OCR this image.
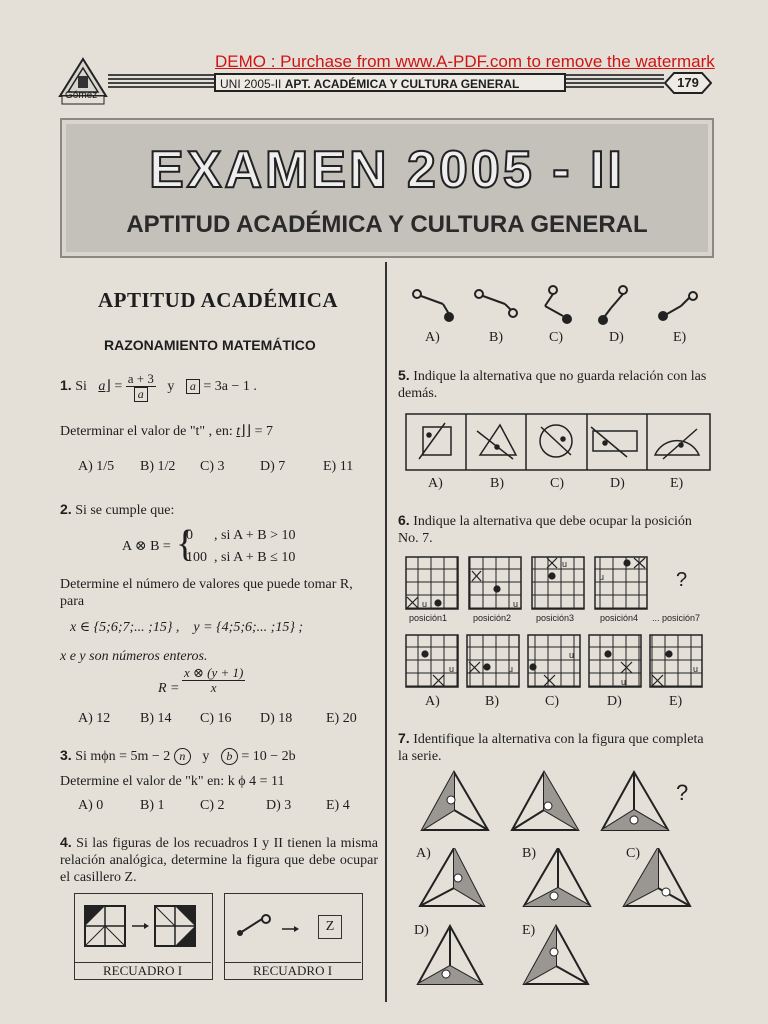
DEMO : Purchase from www.A-PDF.com to remove the watermark
Gómez
UNI 2005-II APT. ACADÉMICA Y CULTURA GENERAL	179
EXAMEN 2005 - II
APTITUD ACADÉMICA Y CULTURA GENERAL
APTITUD ACADÉMICA
RAZONAMIENTO MATEMÁTICO
1. Si a⌋ = $\frac{a + 3}{a}$ y a = 3a − 1 .
Determinar el valor de "t" , en: t⌋⌋ = 7
A) 1/5 B) 1/2 C) 3	D) 7	E) 11
2. Si se cumple que:
A ⊗ B = {
0      , si A + B > 10
100  , si A + B ≤ 10
Determine el número de valores que puede tomar R,
para
x ∈ {5;6;7;... ;15} ,    y = {4;5;6;... ;15} ;
x e y son números enteros.
$R = \frac{x \otimes (y + 1)}{x}$
A) 12 B) 14 C) 16 D) 18 E) 20
3. Si mϕn = 5m − 2 n y b = 10 − 2b
Determine el valor de "k" en: k ϕ 4 = 11
A) 0	B) 1	C) 2	D) 3 E) 4
4. Si las figuras de los recuadros I y II tienen la misma relación analógica, determine la figura que debe ocupar el casillero Z.
RECUADRO I
Z
RECUADRO I
A)	B)	C)	D)	E)
5. Indique la alternativa que no guarda relación con las demás.
A)	B)	C)	D)	E)
6. Indique la alternativa que debe ocupar la posición No. 7.
u	u
u
u	?
posición1	posición2	posición3	posición4 ... posición7
u	u
u
u
u
A)	B)	C)	D)	E)
7. Identifique la alternativa con la figura que completa la serie.
?
A)	B)	C)
D)	E)
